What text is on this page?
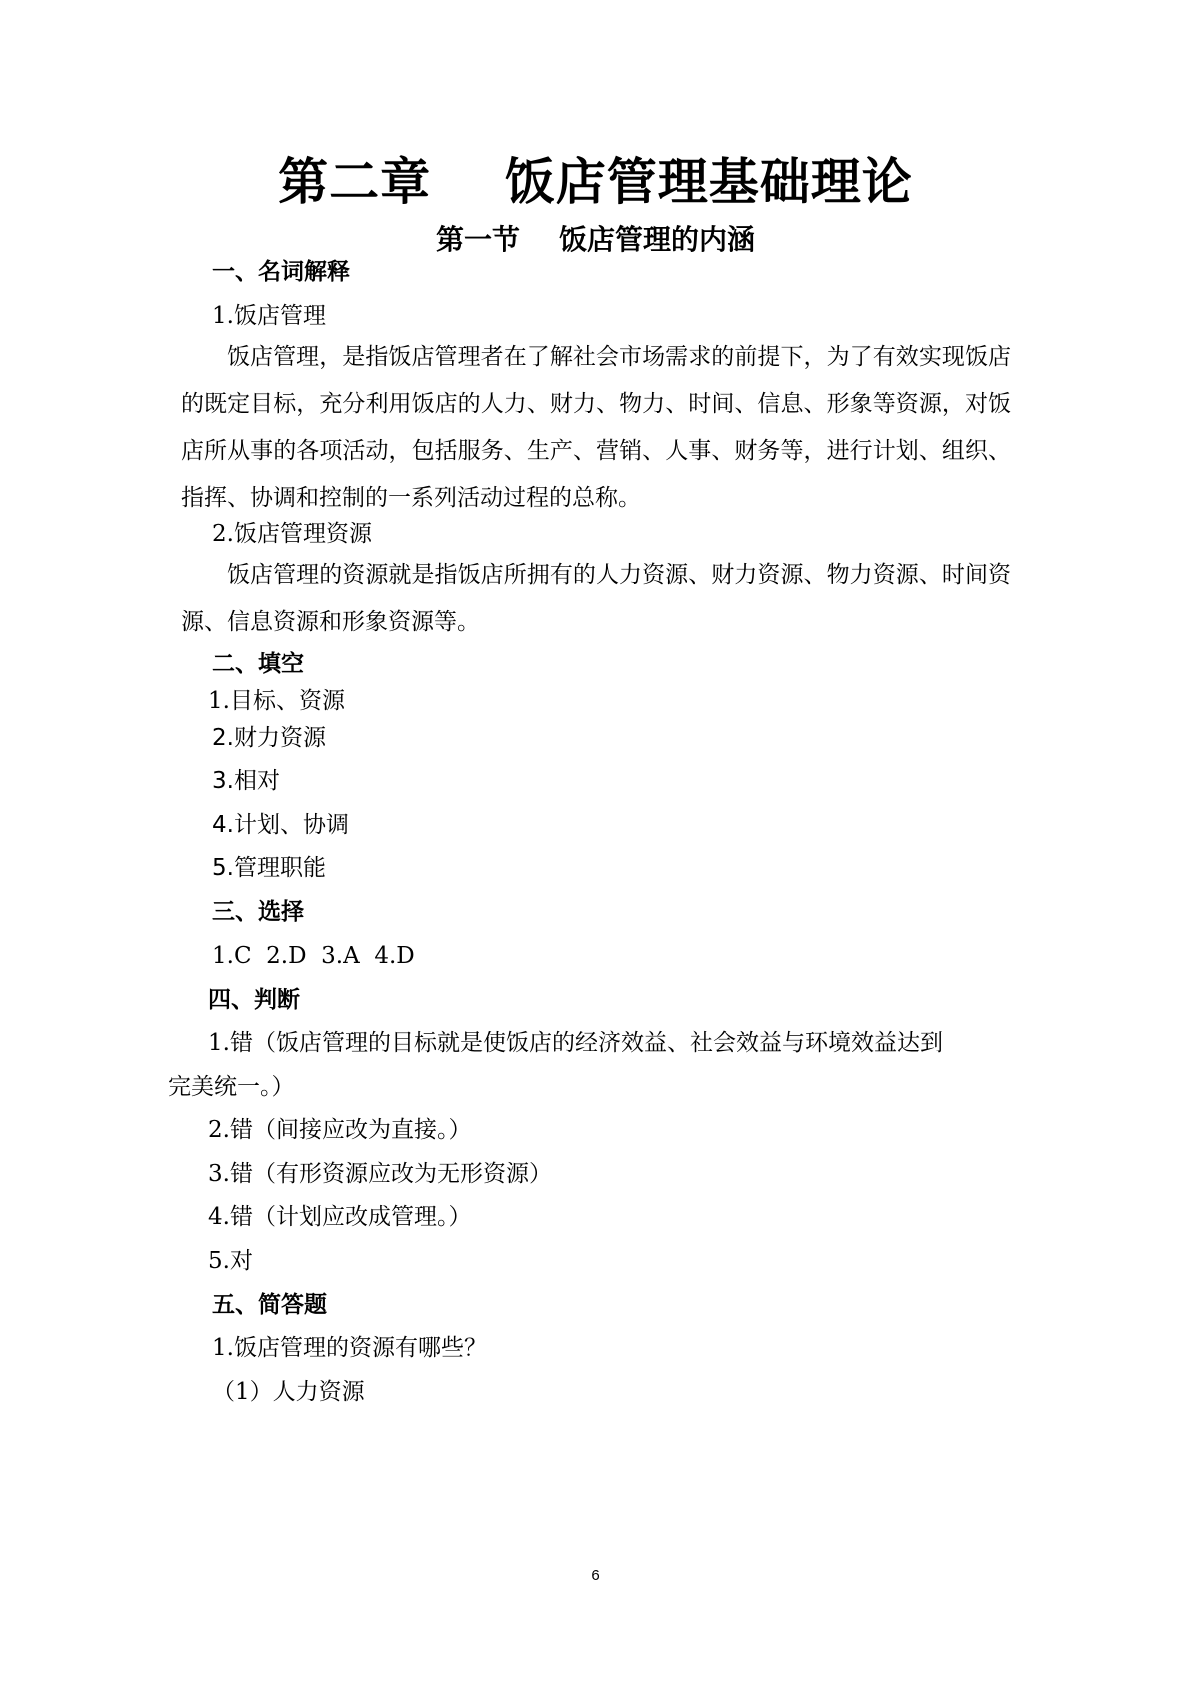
第二章    饭店管理基础理论
第一节    饭店管理的内涵
一、名词解释
1.饭店管理

饭店管理，是指饭店管理者在了解社会市场需求的前提下，为了有效实现饭店的既定目标，充分利用饭店的人力、财力、物力、时间、信息、形象等资源，对饭店所从事的各项活动，包括服务、生产、营销、人事、财务等，进行计划、组织、指挥、协调和控制的一系列活动过程的总称。

2.饭店管理资源

饭店管理的资源就是指饭店所拥有的人力资源、财力资源、物力资源、时间资源、信息资源和形象资源等。

二、填空
1.目标、资源
2.财力资源
3.相对
4.计划、协调
5.管理职能
三、选择
1.C  2.D  3.A  4.D
四、判断
1.错（饭店管理的目标就是使饭店的经济效益、社会效益与环境效益达到
完美统一。）
2.错（间接应改为直接。）
3.错（有形资源应改为无形资源）
4.错（计划应改成管理。）
5.对
五、简答题
1.饭店管理的资源有哪些？
（1）人力资源
6
